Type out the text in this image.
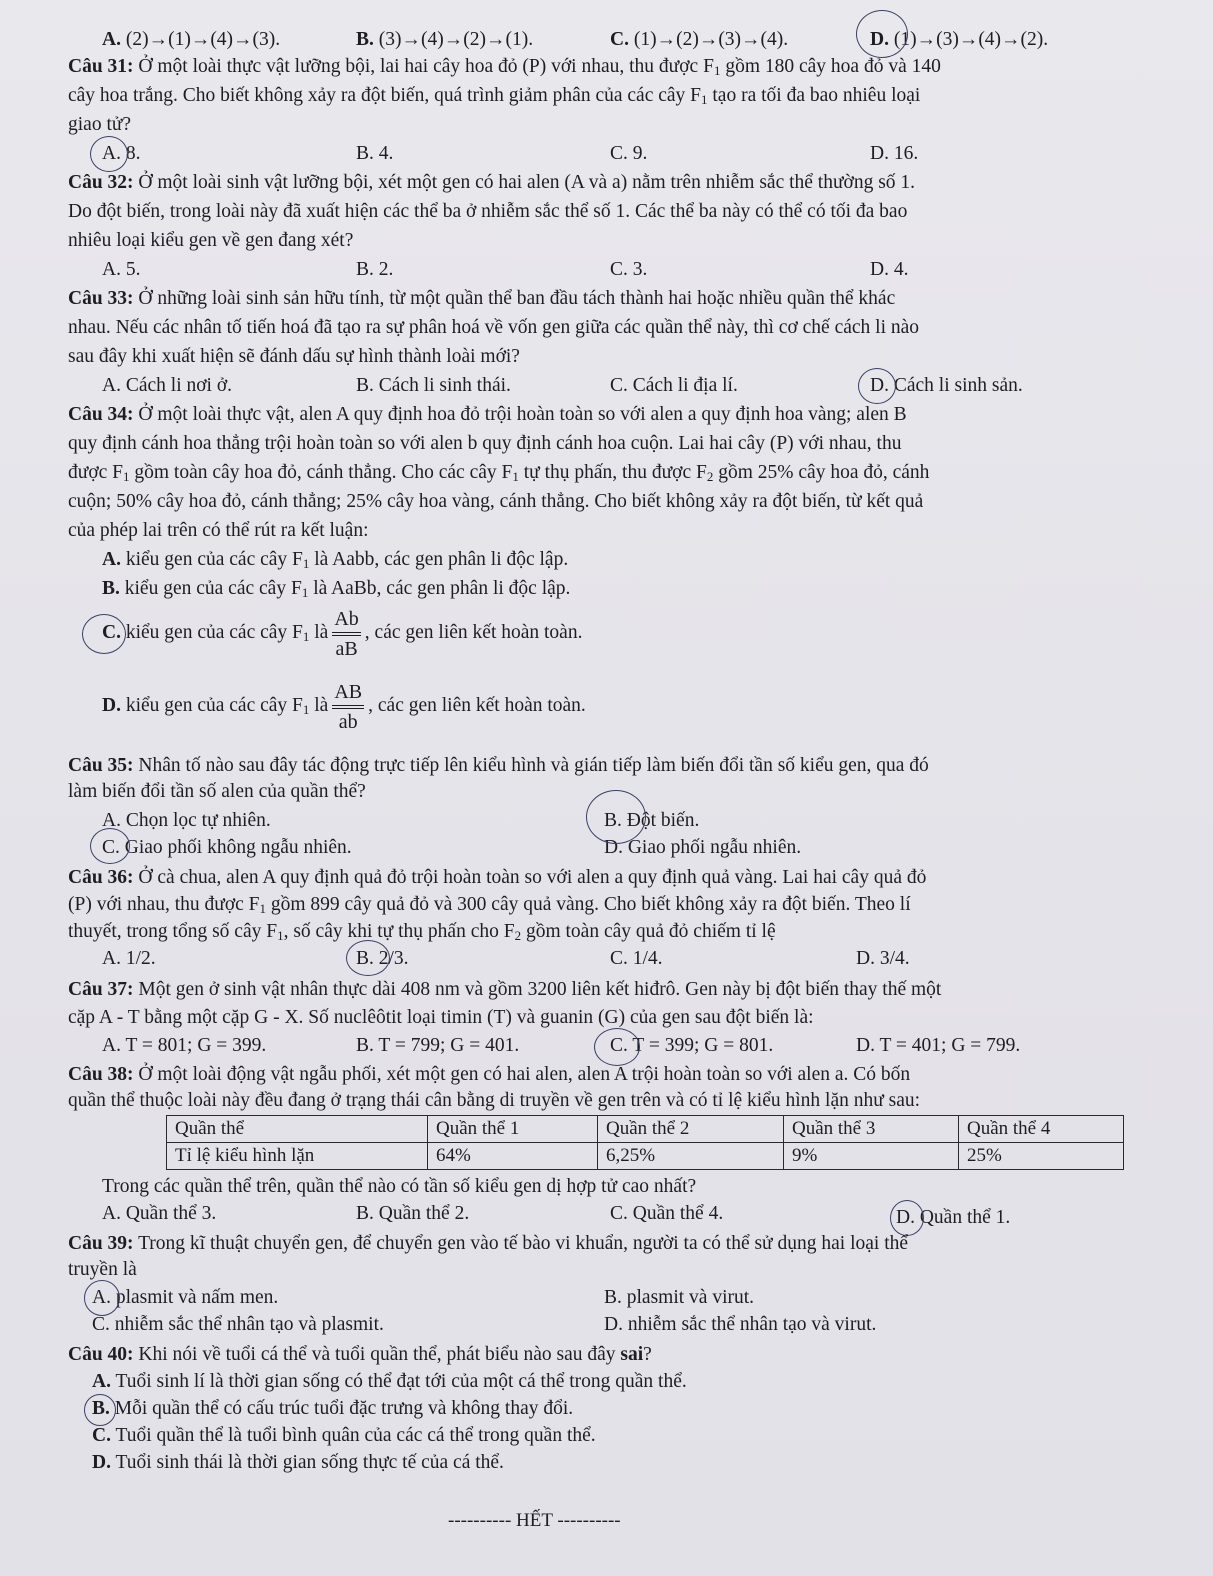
A. (2)→(1)→(4)→(3).	B. (3)→(4)→(2)→(1).	C. (1)→(2)→(3)→(4).	D. (1)→(3)→(4)→(2).
Câu 31: Ở một loài thực vật lưỡng bội, lai hai cây hoa đỏ (P) với nhau, thu được $F_1$ gồm 180 cây hoa đỏ và 140
cây hoa trắng. Cho biết không xảy ra đột biến, quá trình giảm phân của các cây $F_1$ tạo ra tối đa bao nhiêu loại
giao tử?
A. 8.	B. 4.	C. 9.	D. 16.
Câu 32: Ở một loài sinh vật lưỡng bội, xét một gen có hai alen (A và a) nằm trên nhiễm sắc thể thường số 1.
Do đột biến, trong loài này đã xuất hiện các thể ba ở nhiễm sắc thể số 1. Các thể ba này có thể có tối đa bao
nhiêu loại kiểu gen về gen đang xét?
A. 5.	B. 2.	C. 3.	D. 4.
Câu 33: Ở những loài sinh sản hữu tính, từ một quần thể ban đầu tách thành hai hoặc nhiều quần thể khác
nhau. Nếu các nhân tố tiến hoá đã tạo ra sự phân hoá về vốn gen giữa các quần thể này, thì cơ chế cách li nào
sau đây khi xuất hiện sẽ đánh dấu sự hình thành loài mới?
A. Cách li nơi ở.	B. Cách li sinh thái.	C. Cách li địa lí.	D. Cách li sinh sản.
Câu 34: Ở một loài thực vật, alen A quy định hoa đỏ trội hoàn toàn so với alen a quy định hoa vàng; alen B
quy định cánh hoa thẳng trội hoàn toàn so với alen b quy định cánh hoa cuộn. Lai hai cây (P) với nhau, thu
được $F_1$ gồm toàn cây hoa đỏ, cánh thẳng. Cho các cây $F_1$ tự thụ phấn, thu được $F_2$ gồm 25% cây hoa đỏ, cánh
cuộn; 50% cây hoa đỏ, cánh thẳng; 25% cây hoa vàng, cánh thẳng. Cho biết không xảy ra đột biến, từ kết quả
của phép lai trên có thể rút ra kết luận:
A. kiểu gen của các cây $F_1$ là Aabb, các gen phân li độc lập.
B. kiểu gen của các cây $F_1$ là AaBb, các gen phân li độc lập.
C. kiểu gen của các cây $F_1$ là $\frac{Ab}{aB}$ , các gen liên kết hoàn toàn.
D. kiểu gen của các cây $F_1$ là $\frac{AB}{ab}$ , các gen liên kết hoàn toàn.
Câu 35: Nhân tố nào sau đây tác động trực tiếp lên kiểu hình và gián tiếp làm biến đổi tần số kiểu gen, qua đó
làm biến đổi tần số alen của quần thể?
A. Chọn lọc tự nhiên.	B. Đột biến.
C. Giao phối không ngẫu nhiên.	D. Giao phối ngẫu nhiên.
Câu 36: Ở cà chua, alen A quy định quả đỏ trội hoàn toàn so với alen a quy định quả vàng. Lai hai cây quả đỏ
(P) với nhau, thu được $F_1$ gồm 899 cây quả đỏ và 300 cây quả vàng. Cho biết không xảy ra đột biến. Theo lí
thuyết, trong tổng số cây $F_1$, số cây khi tự thụ phấn cho $F_2$ gồm toàn cây quả đỏ chiếm tỉ lệ
A. 1/2.	B. 2/3.	C. 1/4.	D. 3/4.
Câu 37: Một gen ở sinh vật nhân thực dài 408 nm và gồm 3200 liên kết hiđrô. Gen này bị đột biến thay thế một
cặp A - T bằng một cặp G - X. Số nuclêôtit loại timin (T) và guanin (G) của gen sau đột biến là:
A. T = 801; G = 399.	B. T = 799; G = 401.	C. T = 399; G = 801.	D. T = 401; G = 799.
Câu 38: Ở một loài động vật ngẫu phối, xét một gen có hai alen, alen A trội hoàn toàn so với alen a. Có bốn
quần thể thuộc loài này đều đang ở trạng thái cân bằng di truyền về gen trên và có tỉ lệ kiểu hình lặn như sau:
Quần thể	Quần thể 1	Quần thể 2	Quần thể 3	Quần thể 4
Tỉ lệ kiểu hình lặn	64%	6,25%	9%	25%
Trong các quần thể trên, quần thể nào có tần số kiểu gen dị hợp tử cao nhất?
A. Quần thể 3.	B. Quần thể 2.	C. Quần thể 4.	D. Quần thể 1.
Câu 39: Trong kĩ thuật chuyển gen, để chuyển gen vào tế bào vi khuẩn, người ta có thể sử dụng hai loại thể
truyền là
A. plasmit và nấm men.	B. plasmit và virut.
C. nhiễm sắc thể nhân tạo và plasmit.	D. nhiễm sắc thể nhân tạo và virut.
Câu 40: Khi nói về tuổi cá thể và tuổi quần thể, phát biểu nào sau đây sai?
A. Tuổi sinh lí là thời gian sống có thể đạt tới của một cá thể trong quần thể.
B. Mỗi quần thể có cấu trúc tuổi đặc trưng và không thay đổi.
C. Tuổi quần thể là tuổi bình quân của các cá thể trong quần thể.
D. Tuổi sinh thái là thời gian sống thực tế của cá thể.
---------- HẾT ----------
